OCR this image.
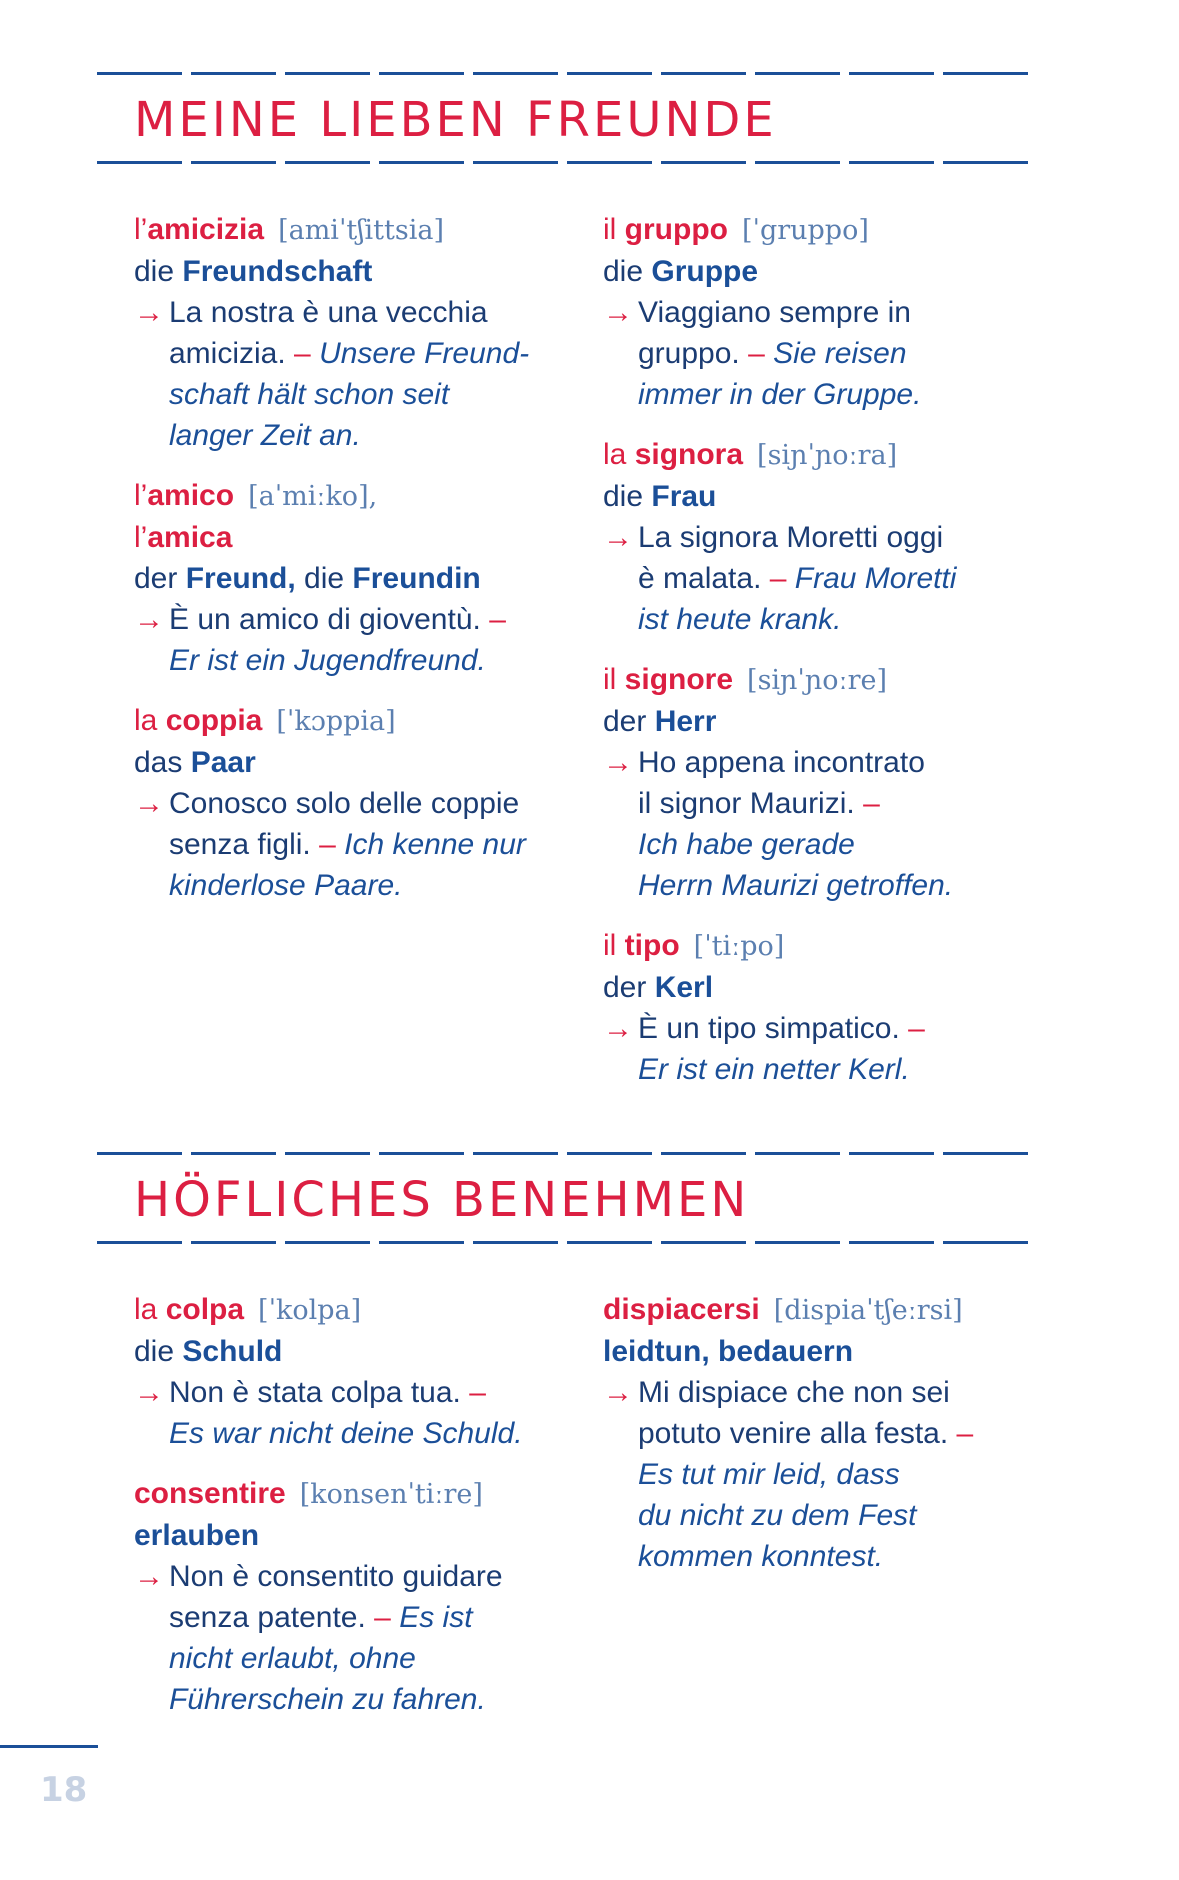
MEINE LIEBEN FREUNDE
l’amicizia [amiˈtʃittsia]
die Freundschaft
→ La nostra è una vecchia
amicizia. – Unsere Freund-
schaft hält schon seit
langer Zeit an.
l’amico [aˈmiːko],
l’amica
der Freund, die Freundin
→ È un amico di gioventù. –
Er ist ein Jugendfreund.
la coppia [ˈkɔppia]
das Paar
→ Conosco solo delle coppie
senza figli. – Ich kenne nur
kinderlose Paare.
il gruppo [ˈgruppo]
die Gruppe
→ Viaggiano sempre in
gruppo. – Sie reisen
immer in der Gruppe.
la signora [siɲˈɲoːra]
die Frau
→ La signora Moretti oggi
è malata. – Frau Moretti
ist heute krank.
il signore [siɲˈɲoːre]
der Herr
→ Ho appena incontrato
il signor Maurizi. –
Ich habe gerade
Herrn Maurizi getroffen.
il tipo [ˈtiːpo]
der Kerl
→ È un tipo simpatico. –
Er ist ein netter Kerl.
HÖFLICHES BENEHMEN
la colpa [ˈkolpa]
die Schuld
→ Non è stata colpa tua. –
Es war nicht deine Schuld.
consentire [konsenˈtiːre]
erlauben
→ Non è consentito guidare
senza patente. – Es ist
nicht erlaubt, ohne
Führerschein zu fahren.
dispiacersi [dispiaˈtʃeːrsi]
leidtun, bedauern
→ Mi dispiace che non sei
potuto venire alla festa. –
Es tut mir leid, dass
du nicht zu dem Fest
kommen konntest.
18
